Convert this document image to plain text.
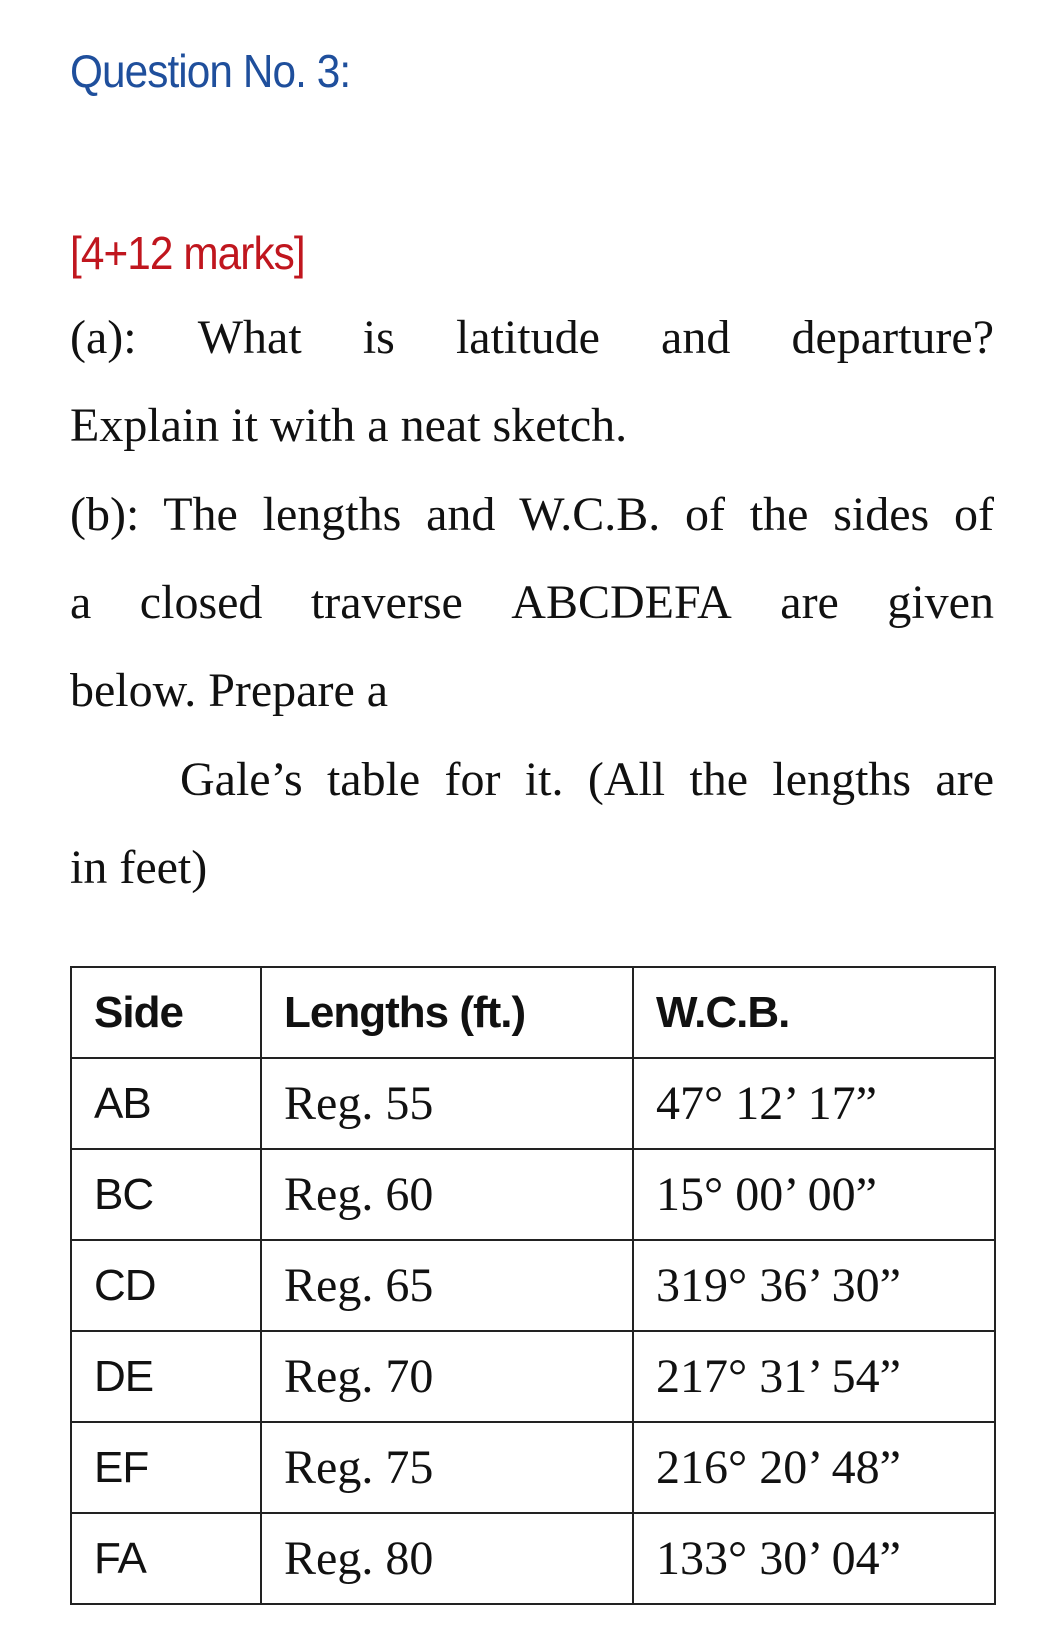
Question No. 3:
[4+12 marks]
(a): What is latitude and departure?
Explain it with a neat sketch.
(b): The lengths and W.C.B. of the sides of
a closed traverse ABCDEFA are given
below. Prepare a
Gale’s table for it. (All the lengths are
in feet)
Side	Lengths (ft.)	W.C.B.
AB	Reg. 55	47° 12’ 17”
BC	Reg. 60	15° 00’ 00”
CD	Reg. 65	319° 36’ 30”
DE	Reg. 70	217° 31’ 54”
EF	Reg. 75	216° 20’ 48”
FA	Reg. 80	133° 30’ 04”
